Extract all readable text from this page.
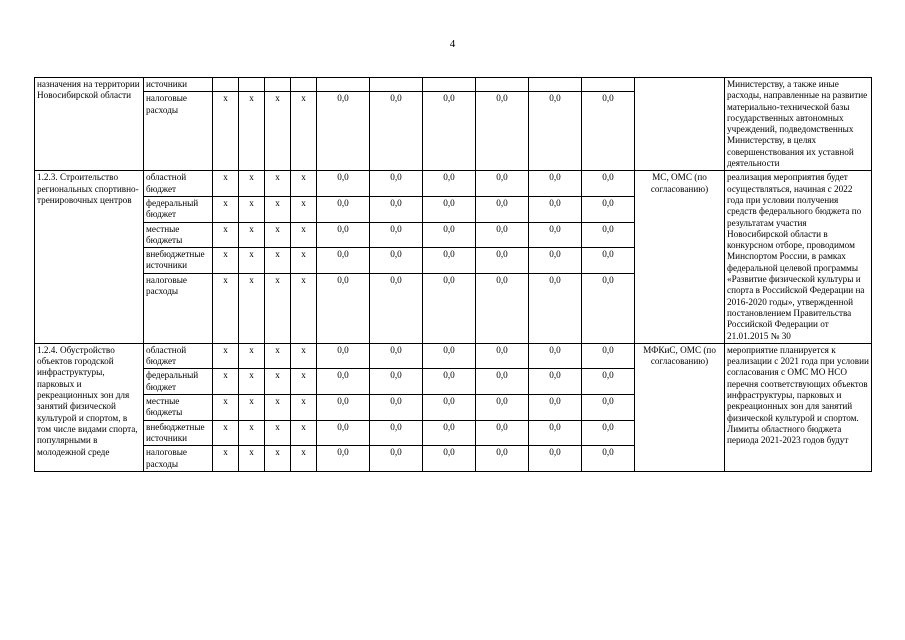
4
назначения на территории Новосибирской области	источники												Министерству, а также иные расходы, направленные на развитие материально-технической базы государственных автономных учреждений, подведомственных Министерству, в целях совершенствования их уставной деятельности
	налоговые расходы	х	х	х	х	0,0	0,0	0,0	0,0	0,0	0,0		
1.2.3. Строительство региональных спортивно-тренировочных центров	областной бюджет	х	х	х	х	0,0	0,0	0,0	0,0	0,0	0,0	МС, ОМС (по согласованию)	реализация мероприятия будет осуществляться, начиная с 2022 года при условии получения средств федерального бюджета по результатам участия Новосибирской области в конкурсном отборе, проводимом Минспортом России, в рамках федеральной целевой программы «Развитие физической культуры и спорта в Российской Федерации на 2016-2020 годы», утвержденной постановлением Правительства Российской Федерации от 21.01.2015 № 30
	федеральный бюджет	х	х	х	х	0,0	0,0	0,0	0,0	0,0	0,0		
	местные бюджеты	х	х	х	х	0,0	0,0	0,0	0,0	0,0	0,0		
	внебюджетные источники	х	х	х	х	0,0	0,0	0,0	0,0	0,0	0,0		
	налоговые расходы	х	х	х	х	0,0	0,0	0,0	0,0	0,0	0,0		
1.2.4. Обустройство объектов городской инфраструктуры, парковых и рекреационных зон для занятий физической культурой и спортом, в том числе видами спорта, популярными в молодежной среде	областной бюджет	х	х	х	х	0,0	0,0	0,0	0,0	0,0	0,0	МФКиС, ОМС (по согласованию)	мероприятие планируется к реализации с 2021 года при условии согласования с ОМС МО НСО перечня соответствующих объектов инфраструктуры, парковых и рекреационных зон для занятий физической культурой и спортом. Лимиты областного бюджета периода 2021-2023 годов будут
	федеральный бюджет	х	х	х	х	0,0	0,0	0,0	0,0	0,0	0,0		
	местные бюджеты	х	х	х	х	0,0	0,0	0,0	0,0	0,0	0,0		
	внебюджетные источники	х	х	х	х	0,0	0,0	0,0	0,0	0,0	0,0		
	налоговые расходы	х	х	х	х	0,0	0,0	0,0	0,0	0,0	0,0		
